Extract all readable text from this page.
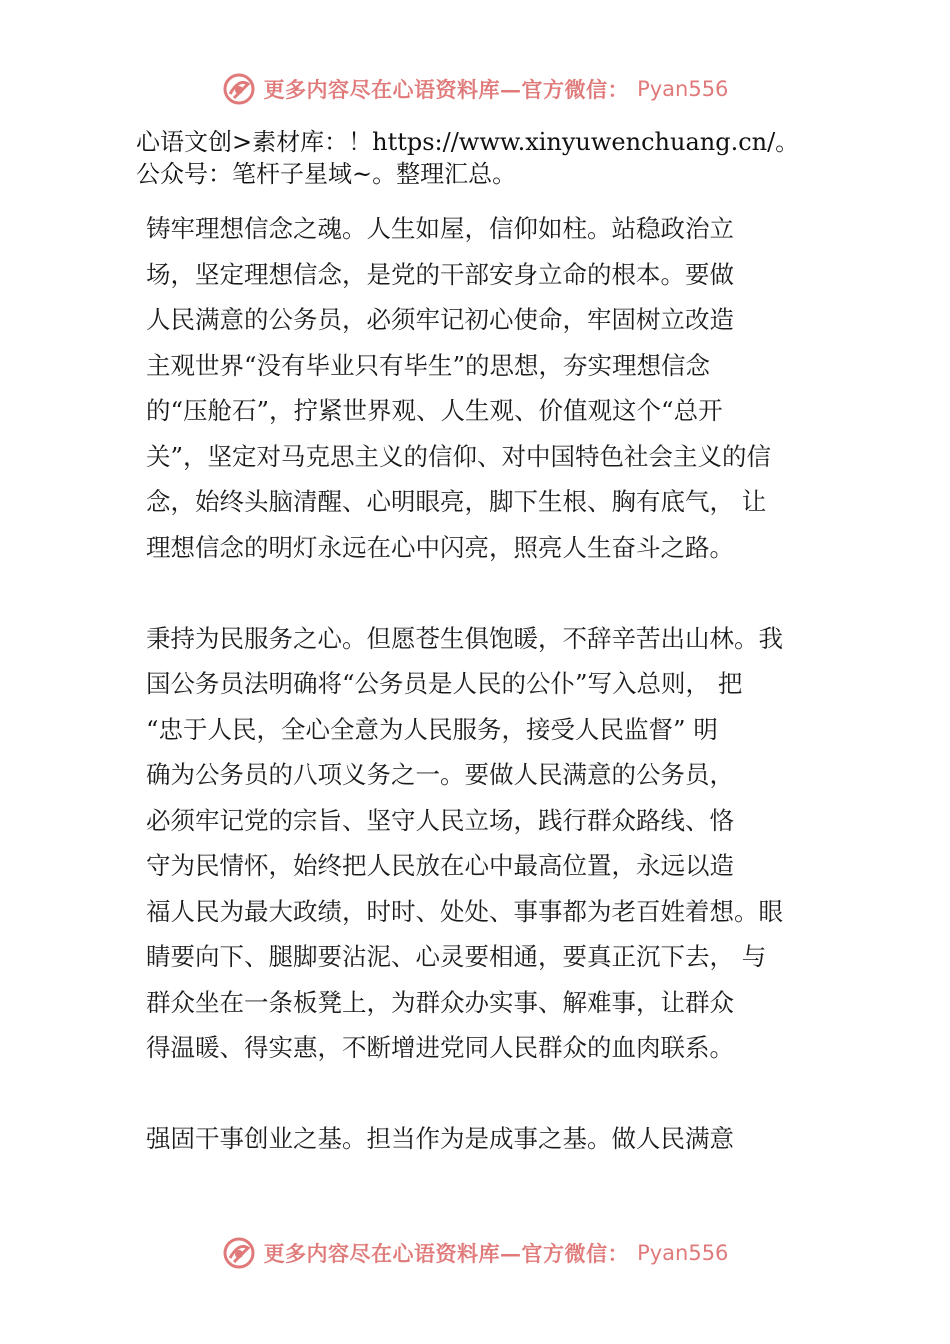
更多内容尽在心语资料库—官方微信： Pyan556
心语文创>素材库：！https://www.xinyuwenchuang.cn/。
公众号：笔杆子星域~。整理汇总。

铸牢理想信念之魂。人生如屋，信仰如柱。站稳政治立
场，坚定理想信念，是党的干部安身立命的根本。要做
人民满意的公务员，必须牢记初心使命，牢固树立改造
主观世界“没有毕业只有毕生”的思想，夯实理想信念
的“压舱石”，拧紧世界观、人生观、价值观这个“总开
关”，坚定对马克思主义的信仰、对中国特色社会主义的信
念，始终头脑清醒、心明眼亮，脚下生根、胸有底气， 让
理想信念的明灯永远在心中闪亮，照亮人生奋斗之路。

秉持为民服务之心。但愿苍生俱饱暖，不辞辛苦出山林。我
国公务员法明确将“公务员是人民的公仆”写入总则， 把
“忠于人民，全心全意为人民服务，接受人民监督” 明
确为公务员的八项义务之一。要做人民满意的公务员，
必须牢记党的宗旨、坚守人民立场，践行群众路线、恪
守为民情怀，始终把人民放在心中最高位置，永远以造
福人民为最大政绩，时时、处处、事事都为老百姓着想。眼
睛要向下、腿脚要沾泥、心灵要相通，要真正沉下去， 与
群众坐在一条板凳上，为群众办实事、解难事，让群众
得温暖、得实惠，不断增进党同人民群众的血肉联系。

强固干事创业之基。担当作为是成事之基。做人民满意

更多内容尽在心语资料库—官方微信： Pyan556
